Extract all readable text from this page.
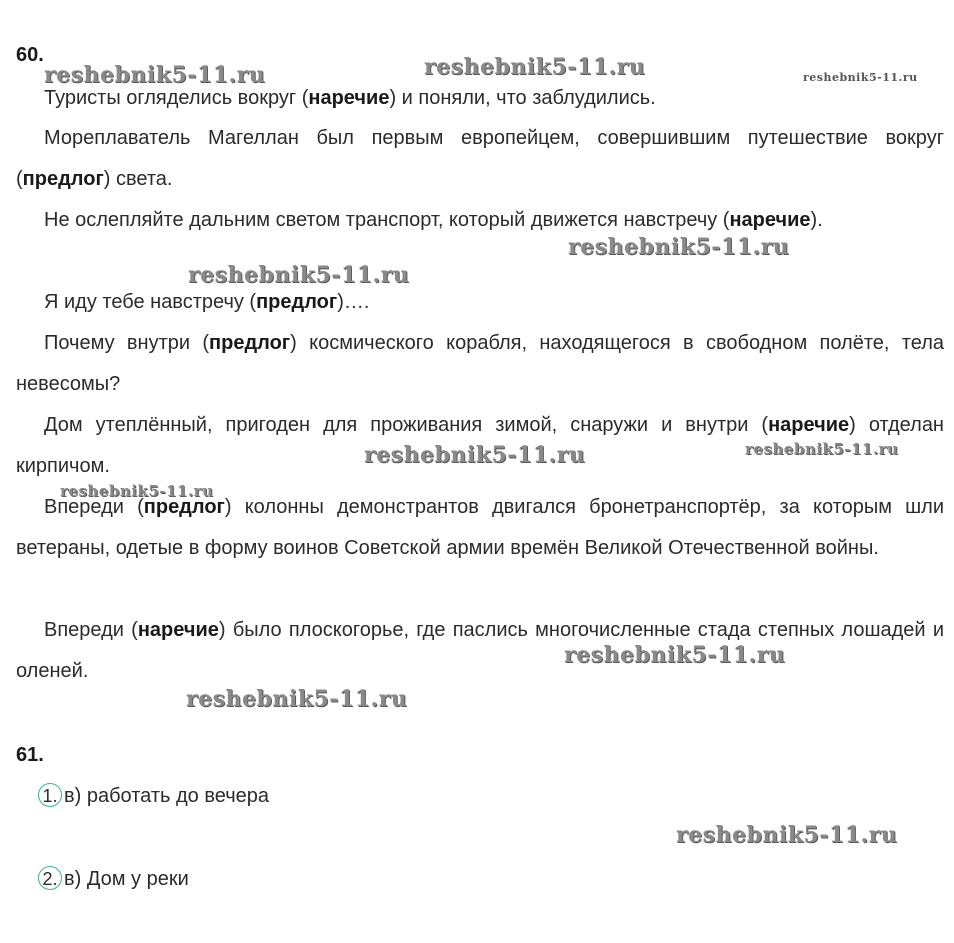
60.

Туристы огляделись вокруг (наречие) и поняли, что заблудились.

Мореплаватель Магеллан был первым европейцем, совершившим путешествие вокруг (предлог) света.

Не ослепляйте дальним светом транспорт, который движется навстречу (наречие).

Я иду тебе навстречу (предлог)….

Почему внутри (предлог) космического корабля, находящегося в свободном полёте, тела невесомы?

Дом утеплённый, пригоден для проживания зимой, снаружи и внутри (наречие) отделан кирпичом.

Впереди (предлог) колонны демонстрантов двигался бронетранспортёр, за которым шли ветераны, одетые в форму воинов Советской армии времён Великой Отечественной войны.

Впереди (наречие) было плоскогорье, где паслись многочисленные стада степных лошадей и оленей.

61.
1. в) работать до вечера
2. в) Дом у реки
reshebnik5-11.ru	reshebnik5-11.ru	reshebnik5-11.ru
reshebnik5-11.ru
reshebnik5-11.ru
reshebnik5-11.ru	reshebnik5-11.ru
reshebnik5-11.ru
reshebnik5-11.ru
reshebnik5-11.ru
reshebnik5-11.ru
